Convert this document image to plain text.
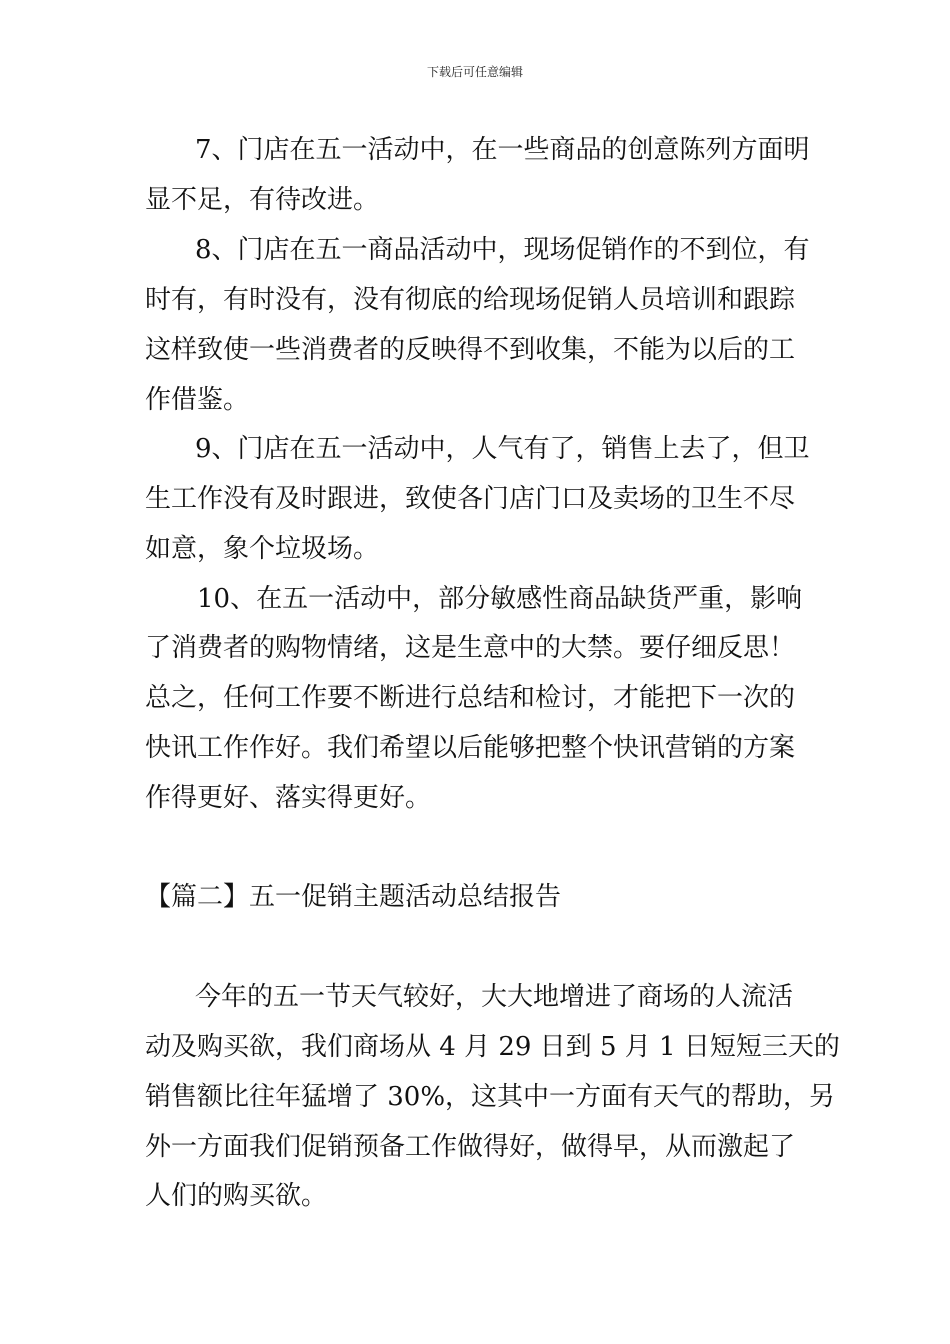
下载后可任意编辑
7、门店在五一活动中，在一些商品的创意陈列方面明
显不足，有待改进。
8、门店在五一商品活动中，现场促销作的不到位，有
时有，有时没有，没有彻底的给现场促销人员培训和跟踪
这样致使一些消费者的反映得不到收集，不能为以后的工
作借鉴。
9、门店在五一活动中，人气有了，销售上去了，但卫
生工作没有及时跟进，致使各门店门口及卖场的卫生不尽
如意，象个垃圾场。
10、在五一活动中，部分敏感性商品缺货严重，影响
了消费者的购物情绪，这是生意中的大禁。要仔细反思！
总之，任何工作要不断进行总结和检讨，才能把下一次的
快讯工作作好。我们希望以后能够把整个快讯营销的方案
作得更好、落实得更好。
【篇二】五一促销主题活动总结报告
今年的五一节天气较好，大大地增进了商场的人流活
动及购买欲，我们商场从 4 月 29 日到 5 月 1 日短短三天的
销售额比往年猛增了 30%，这其中一方面有天气的帮助，另
外一方面我们促销预备工作做得好，做得早，从而激起了
人们的购买欲。
